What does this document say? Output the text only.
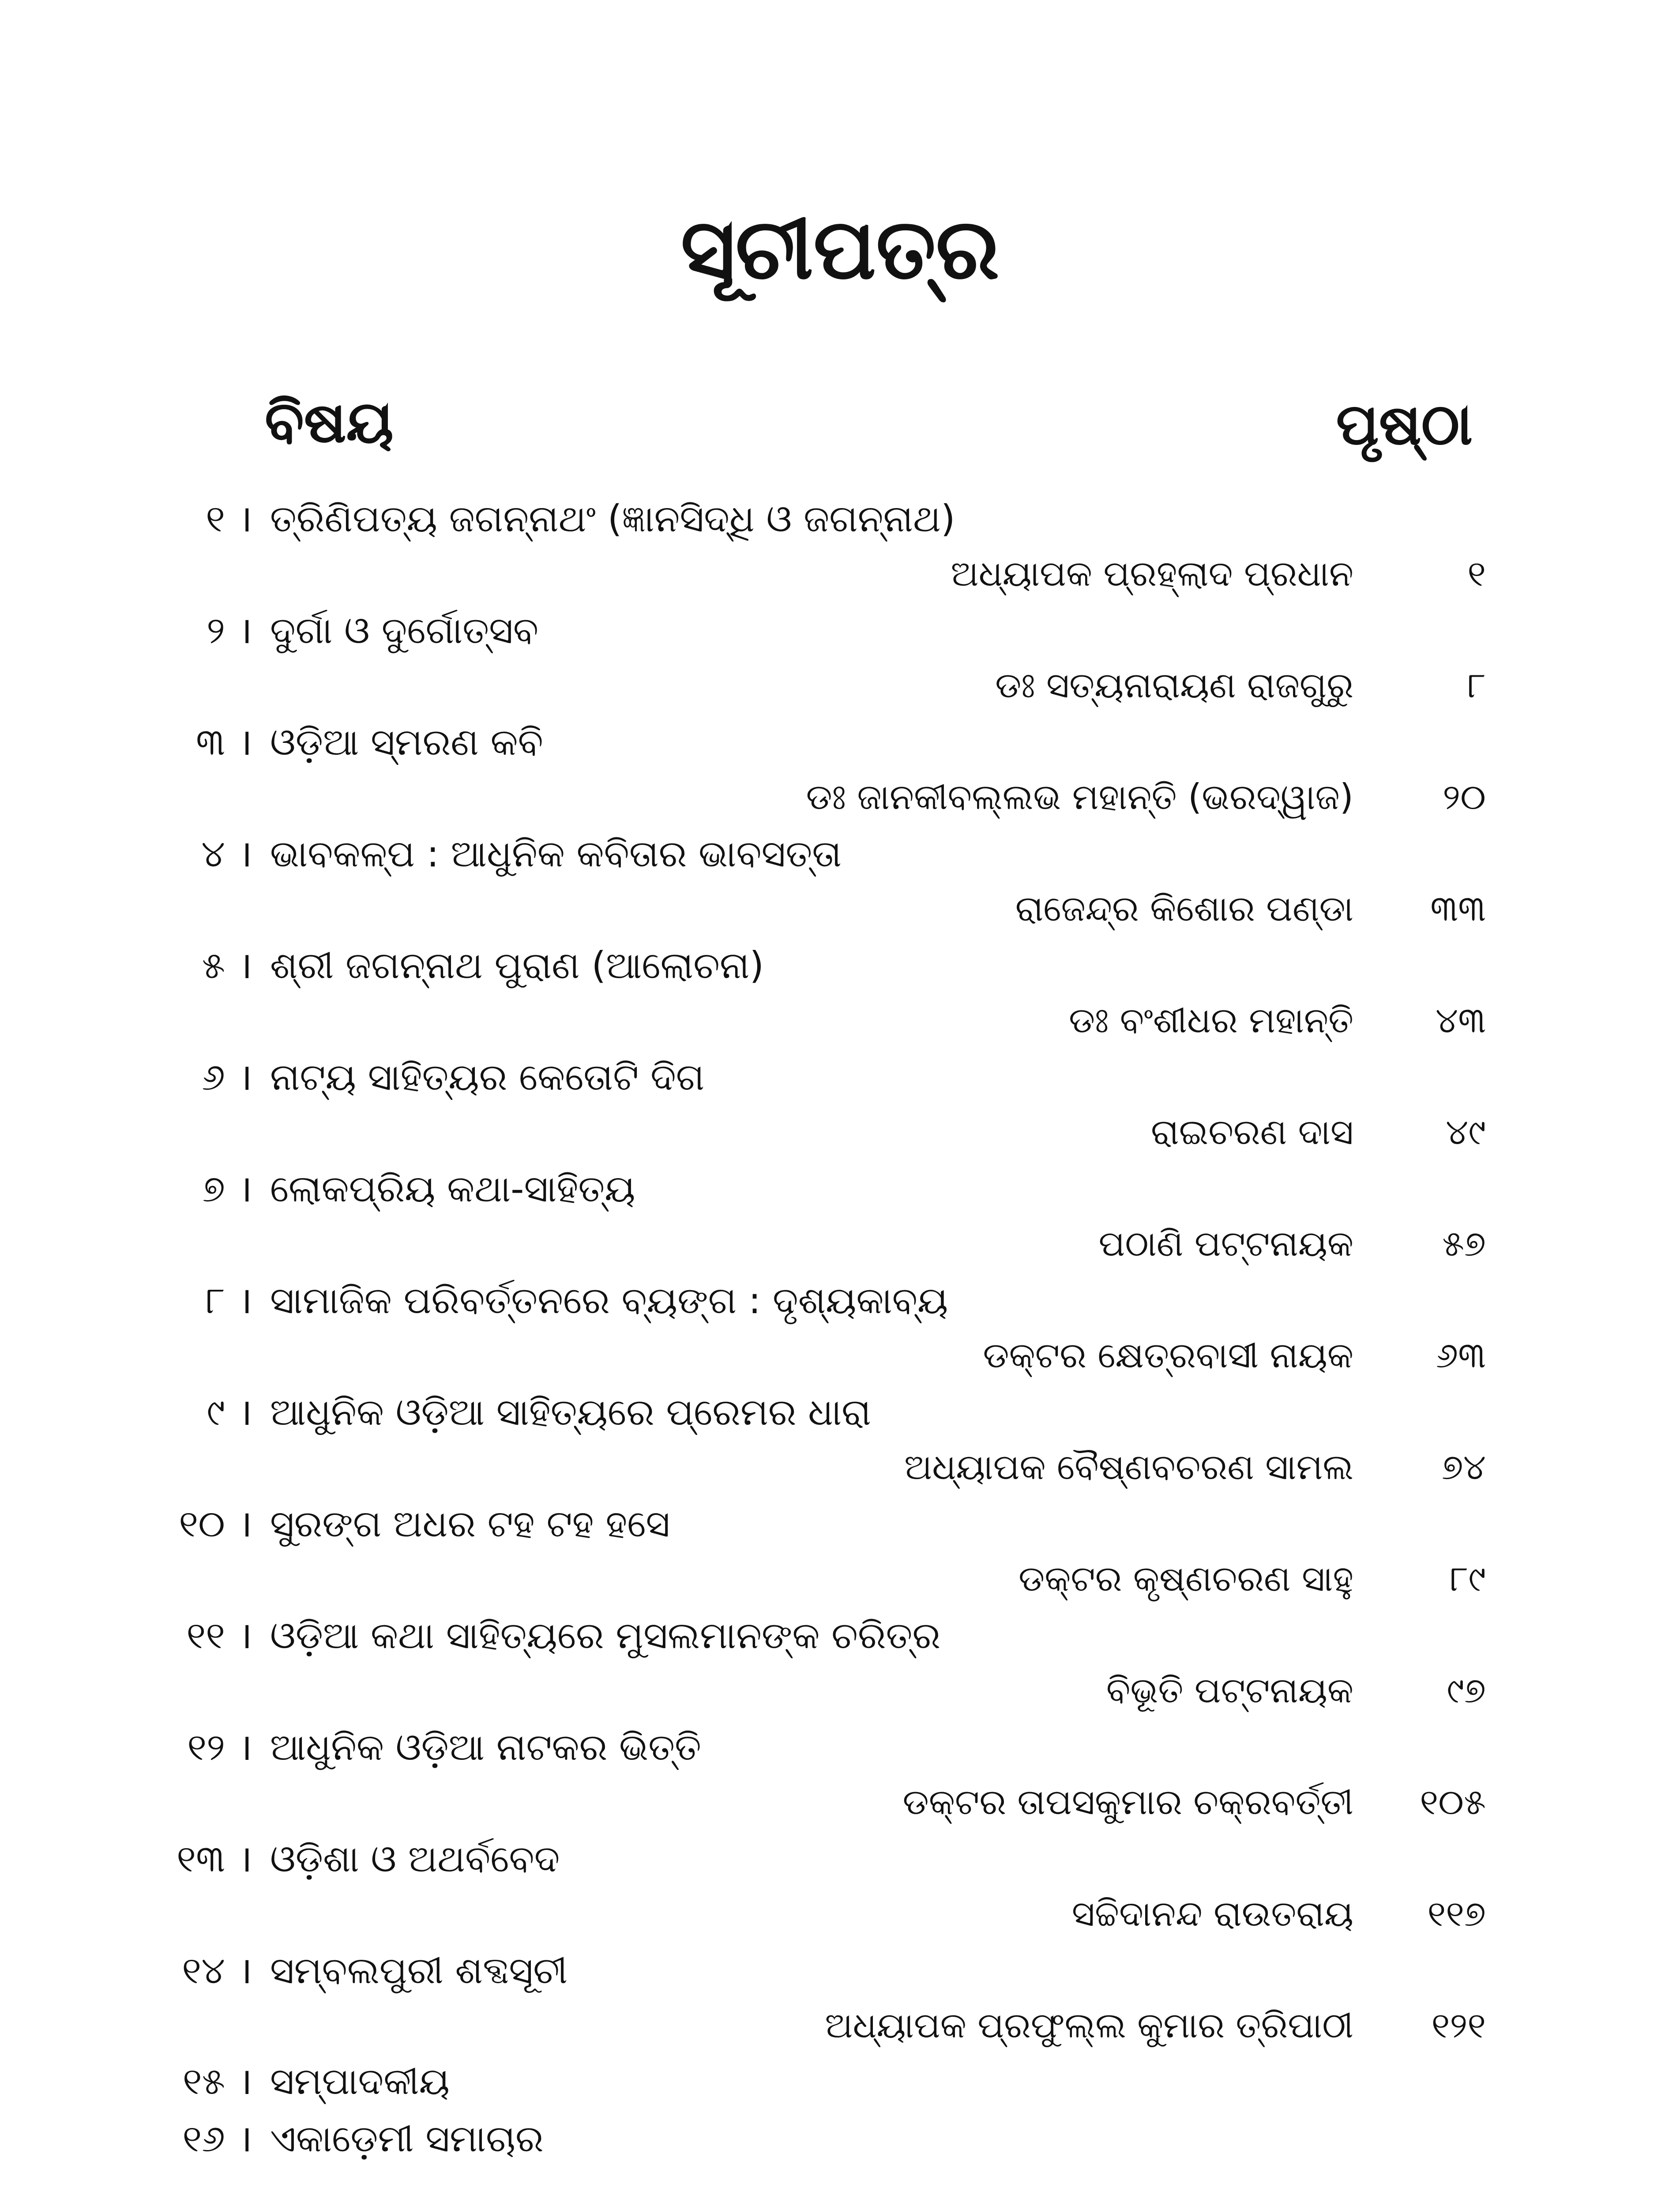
ସୂଚୀପତ୍ର
ବିଷୟ	ପୃଷ୍ଠା
୧ । ତ୍ରିଣିପତ୍ୟ ଜଗନ୍ନାଥଂ (ଜ୍ଞାନସିଦ୍ଧି ଓ ଜଗନ୍ନାଥ)
ଅଧ୍ୟାପକ ପ୍ରହ୍ଲାଦ ପ୍ରଧାନ	୧
୨ । ଦୁର୍ଗା ଓ ଦୁର୍ଗୋତ୍ସବ
ଡଃ ସତ୍ୟନାରାୟଣ ରାଜଗୁରୁ	୮
୩ । ଓଡ଼ିଆ ସ୍ମରଣ କବି
ଡଃ ଜାନକୀବଲ୍ଲଭ ମହାନ୍ତି (ଭରଦ୍ୱାଜ)	୨୦
୪ । ଭାବକଳ୍ପ : ଆଧୁନିକ କବିତାର ଭାବସତ୍ତା
ରାଜେନ୍ଦ୍ର କିଶୋର ପଣ୍ଡା ୩୩
୫ । ଶ୍ରୀ ଜଗନ୍ନାଥ ପୁରାଣ (ଆଲୋଚନା)
ଡଃ ବଂଶୀଧର ମହାନ୍ତି ୪୩
୬ । ନାଟ୍ୟ ସାହିତ୍ୟର କେତୋଟି ଦିଗ
ରାଇଚରଣ ଦାସ	୪୯
୭ । ଲୋକପ୍ରିୟ କଥା-ସାହିତ୍ୟ
ପଠାଣି ପଟ୍ଟନାୟକ	୫୭
୮ । ସାମାଜିକ ପରିବର୍ତ୍ତନରେ ବ୍ୟଙ୍ଗ : ଦୃଶ୍ୟକାବ୍ୟ
ଡକ୍ଟର କ୍ଷେତ୍ରବାସୀ ନାୟକ ୬୩
୯ । ଆଧୁନିକ ଓଡ଼ିଆ ସାହିତ୍ୟରେ ପ୍ରେମର ଧାରା
ଅଧ୍ୟାପକ ବୈଷ୍ଣବଚରଣ ସାମଲ ୭୪
୧୦ । ସୁରଙ୍ଗ ଅଧର ଟହ ଟହ ହସେ
ଡକ୍ଟର କୃଷ୍ଣଚରଣ ସାହୁ	୮୯
୧୧ । ଓଡ଼ିଆ କଥା ସାହିତ୍ୟରେ ମୁସଲମାନଙ୍କ ଚରିତ୍ର
ବିଭୂତି ପଟ୍ଟନାୟକ	୯୭
୧୨ । ଆଧୁନିକ ଓଡ଼ିଆ ନାଟକର ଭିତ୍ତି
ଡକ୍ଟର ତାପସକୁମାର ଚକ୍ରବର୍ତ୍ତୀ ୧୦୫
୧୩ । ଓଡ଼ିଶା ଓ ଅଥର୍ବବେଦ
ସଚ୍ଚିଦାନନ୍ଦ ରାଉତରାୟ ୧୧୭
୧୪ । ସମ୍ବଲପୁରୀ ଶବ୍ଦସୂଚୀ
ଅଧ୍ୟାପକ ପ୍ରଫୁଲ୍ଲ କୁମାର ତ୍ରିପାଠୀ ୧୨୧
୧୫ । ସମ୍ପାଦକୀୟ
୧୬ । ଏକାଡ଼େମୀ ସମାଚାର
